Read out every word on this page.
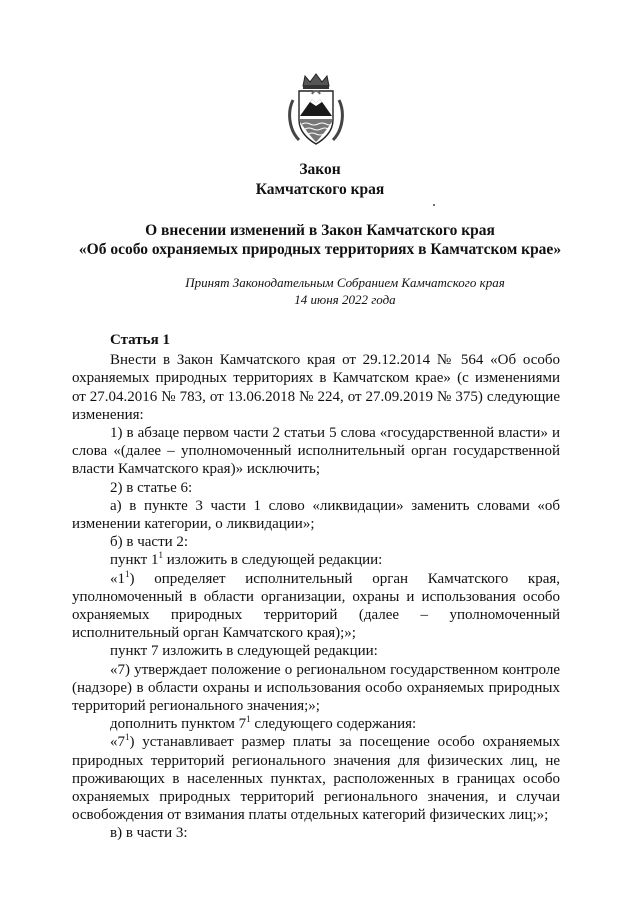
Закон
Камчатского края
О внесении изменений в Закон Камчатского края
«Об особо охраняемых природных территориях в Камчатском крае»
Принят Законодательным Собранием Камчатского края
14 июня 2022 года

Статья 1

Внести в Закон Камчатского края от 29.12.2014 № 564 «Об особо охраняемых природных территориях в Камчатском крае» (с изменениями от 27.04.2016 № 783, от 13.06.2018 № 224, от 27.09.2019 № 375) следующие изменения:

1) в абзаце первом части 2 статьи 5 слова «государственной власти» и слова «(далее – уполномоченный исполнительный орган государственной власти Камчатского края)» исключить;

2) в статье 6:

а) в пункте 3 части 1 слово «ликвидации» заменить словами «об изменении категории, о ликвидации»;

б) в части 2:

пункт $1^1$ изложить в следующей редакции:

«$1^1$) определяет исполнительный орган Камчатского края, уполномоченный в области организации, охраны и использования особо охраняемых природных территорий (далее – уполномоченный исполнительный орган Камчатского края);»;

пункт 7 изложить в следующей редакции:

«7) утверждает положение о региональном государственном контроле (надзоре) в области охраны и использования особо охраняемых природных территорий регионального значения;»;

дополнить пунктом $7^1$ следующего содержания:

«$7^1$) устанавливает размер платы за посещение особо охраняемых природных территорий регионального значения для физических лиц, не проживающих в населенных пунктах, расположенных в границах особо охраняемых природных территорий регионального значения, и случаи освобождения от взимания платы отдельных категорий физических лиц;»;

в) в части 3:
